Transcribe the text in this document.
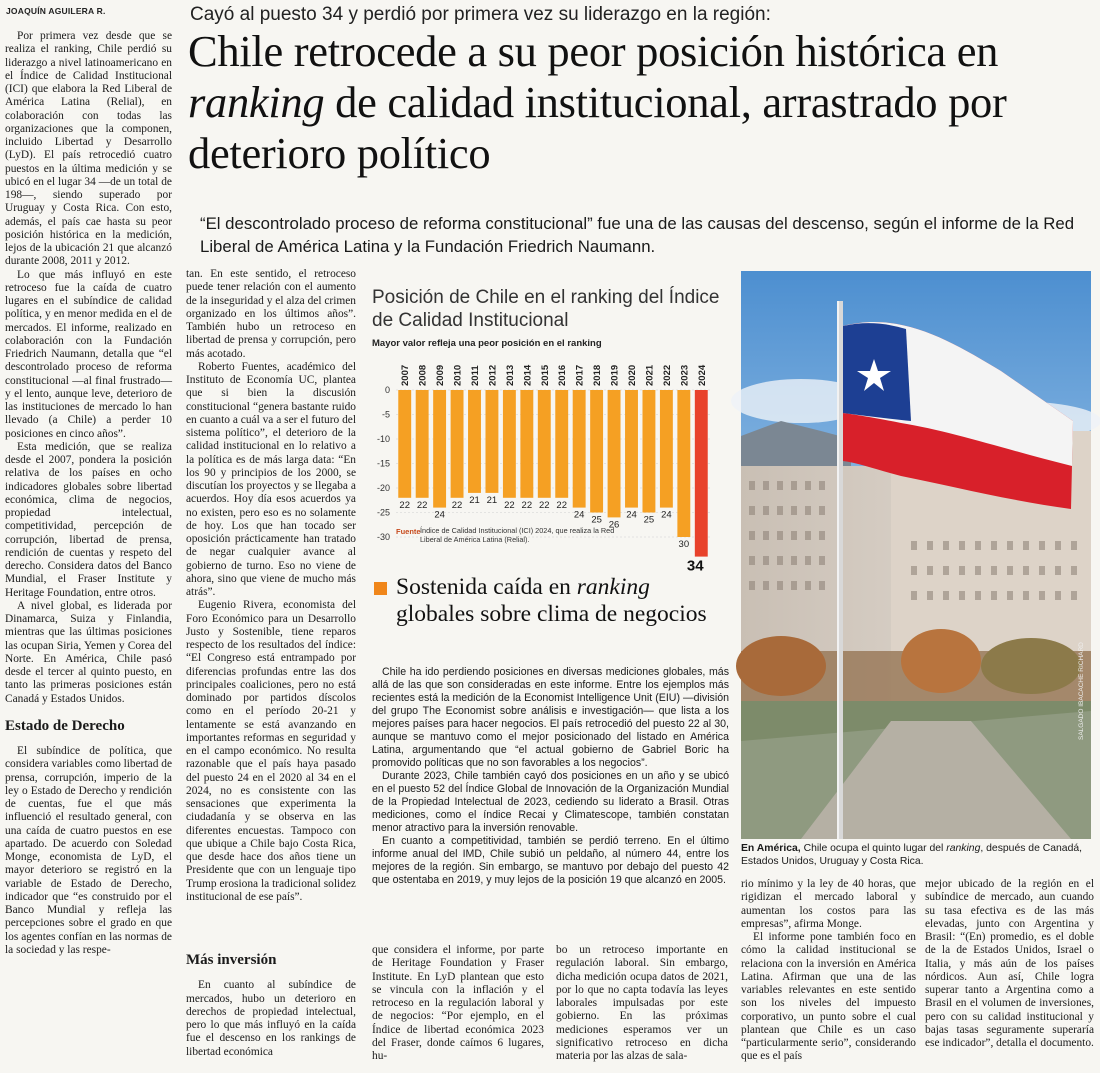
JOAQUÍN AGUILERA R.	Cayó al puesto 34 y perdió por primera vez su liderazgo en la región:
Chile retrocede a su peor posición histórica en ranking de calidad institucional, arrastrado por deterioro político
“El descontrolado proceso de reforma constitucional” fue una de las causas del descenso, según el informe de la Red Liberal de América Latina y la Fundación Friedrich Naumann.

Por primera vez desde que se realiza el ranking, Chile perdió su liderazgo a nivel latinoamericano en el Índice de Calidad Institucional (ICI) que elabora la Red Liberal de América Latina (Relial), en colaboración con todas las organizaciones que la componen, incluido Libertad y Desarrollo (LyD). El país retrocedió cuatro puestos en la última medición y se ubicó en el lugar 34 —de un total de 198—, siendo superado por Uruguay y Costa Rica. Con esto, además, el país cae hasta su peor posición histórica en la medición, lejos de la ubicación 21 que alcanzó durante 2008, 2011 y 2012.

Lo que más influyó en este retroceso fue la caída de cuatro lugares en el subíndice de calidad política, y en menor medida en el de mercados. El informe, realizado en colaboración con la Fundación Friedrich Naumann, detalla que “el descontrolado proceso de reforma constitucional —al final frustrado— y el lento, aunque leve, deterioro de las instituciones de mercado lo han llevado (a Chile) a perder 10 posiciones en cinco años”.

Esta medición, que se realiza desde el 2007, pondera la posición relativa de los países en ocho indicadores globales sobre libertad económica, clima de negocios, propiedad intelectual, competitividad, percepción de corrupción, libertad de prensa, rendición de cuentas y respeto del derecho. Considera datos del Banco Mundial, el Fraser Institute y Heritage Foundation, entre otros.

A nivel global, es liderada por Dinamarca, Suiza y Finlandia, mientras que las últimas posiciones las ocupan Siria, Yemen y Corea del Norte. En América, Chile pasó desde el tercer al quinto puesto, en tanto las primeras posiciones están Canadá y Estados Unidos.

Estado de Derecho

El subíndice de política, que considera variables como libertad de prensa, corrupción, imperio de la ley o Estado de Derecho y rendición de cuentas, fue el que más influenció el resultado general, con una caída de cuatro puestos en ese apartado. De acuerdo con Soledad Monge, economista de LyD, el mayor deterioro se registró en la variable de Estado de Derecho, indicador que “es construido por el Banco Mundial y refleja las percepciones sobre el grado en que los agentes confían en las normas de la sociedad y las respe-

tan. En este sentido, el retroceso puede tener relación con el aumento de la inseguridad y el alza del crimen organizado en los últimos años”. También hubo un retroceso en libertad de prensa y corrupción, pero más acotado.

Roberto Fuentes, académico del Instituto de Economía UC, plantea que si bien la discusión constitucional “genera bastante ruido en cuanto a cuál va a ser el futuro del sistema político”, el deterioro de la calidad institucional en lo relativo a la política es de más larga data: “En los 90 y principios de los 2000, se discutían los proyectos y se llegaba a acuerdos. Hoy día esos acuerdos ya no existen, pero eso es no solamente de hoy. Los que han tocado ser oposición prácticamente han tratado de negar cualquier avance al gobierno de turno. Eso no viene de ahora, sino que viene de mucho más atrás”.

Eugenio Rivera, economista del Foro Económico para un Desarrollo Justo y Sostenible, tiene reparos respecto de los resultados del índice: “El Congreso está entrampado por diferencias profundas entre las dos principales coaliciones, pero no está dominado por partidos díscolos como en el período 20-21 y lentamente se está avanzando en importantes reformas en seguridad y en el campo económico. No resulta razonable que el país haya pasado del puesto 24 en el 2020 al 34 en el 2024, no es consistente con las sensaciones que experimenta la ciudadanía y se observa en las diferentes encuestas. Tampoco con que ubique a Chile bajo Costa Rica, que desde hace dos años tiene un Presidente que con un lenguaje tipo Trump erosiona la tradicional solidez institucional de ese país”.

Más inversión

En cuanto al subíndice de mercados, hubo un deterioro en derechos de propiedad intelectual, pero lo que más influyó en la caída fue el descenso en los rankings de libertad económica

que considera el informe, por parte de Heritage Foundation y Fraser Institute. En LyD plantean que esto se vincula con la inflación y el retroceso en la regulación laboral y de negocios: “Por ejemplo, en el Índice de libertad económica 2023 del Fraser, donde caímos 6 lugares, hu-

bo un retroceso importante en regulación laboral. Sin embargo, dicha medición ocupa datos de 2021, por lo que no capta todavía las leyes laborales impulsadas por este gobierno. En las próximas mediciones esperamos ver un significativo retroceso en dicha materia por las alzas de sala-

rio mínimo y la ley de 40 horas, que rigidizan el mercado laboral y aumentan los costos para las empresas”, afirma Monge.

El informe pone también foco en cómo la calidad institucional se relaciona con la inversión en América Latina. Afirman que una de las variables relevantes en este sentido son los niveles del impuesto corporativo, un punto sobre el cual plantean que Chile es un caso “particularmente serio”, considerando que es el país

mejor ubicado de la región en el subíndice de mercado, aun cuando su tasa efectiva es de las más elevadas, junto con Argentina y Brasil: “(En) promedio, es el doble de la de Estados Unidos, Israel o Italia, y más aún de los países nórdicos. Aun así, Chile logra superar tanto a Argentina como a Brasil en el volumen de inversiones, pero con su calidad institucional y bajas tasas seguramente superaría ese indicador”, detalla el documento.

Posición de Chile en el ranking del Índice de Calidad Institucional
Mayor valor refleja una peor posición en el ranking
0
-5
-10
-15
-20
-25
-30
2007
22
2008
22
2009
24
2010
22
2011
21
2012
21
2013
22
2014
22
2015
22
2016
22
2017
24
2018
25
2019
26
2020
24
2021
25
2022
24
2023
30
2024
34
Fuente Índice de Calidad Institucional (ICI) 2024, que realiza la Red Liberal de América Latina (Relial).
Sostenida caída en ranking globales sobre clima de negocios

Chile ha ido perdiendo posiciones en diversas mediciones globales, más allá de las que son consideradas en este informe. Entre los ejemplos más recientes está la medición de la Economist Intelligence Unit (EIU) —división del grupo The Economist sobre análisis e investigación— que lista a los mejores países para hacer negocios. El país retrocedió del puesto 22 al 30, aunque se mantuvo como el mejor posicionado del listado en América Latina, argumentando que “el actual gobierno de Gabriel Boric ha promovido políticas que no son favorables a los negocios”.

Durante 2023, Chile también cayó dos posiciones en un año y se ubicó en el puesto 52 del Índice Global de Innovación de la Organización Mundial de la Propiedad Intelectual de 2023, cediendo su liderato a Brasil. Otras mediciones, como el índice Recai y Climatescope, también constatan menor atractivo para la inversión renovable.

En cuanto a competitividad, también se perdió terreno. En el último informe anual del IMD, Chile subió un peldaño, al número 44, entre los mejores de la región. Sin embargo, se mantuvo por debajo del puesto 42 que ostentaba en 2019, y muy lejos de la posición 19 que alcanzó en 2005.

SALGADO IBACACHE RICHARD
En América, Chile ocupa el quinto lugar del ranking, después de Canadá, Estados Unidos, Uruguay y Costa Rica.
